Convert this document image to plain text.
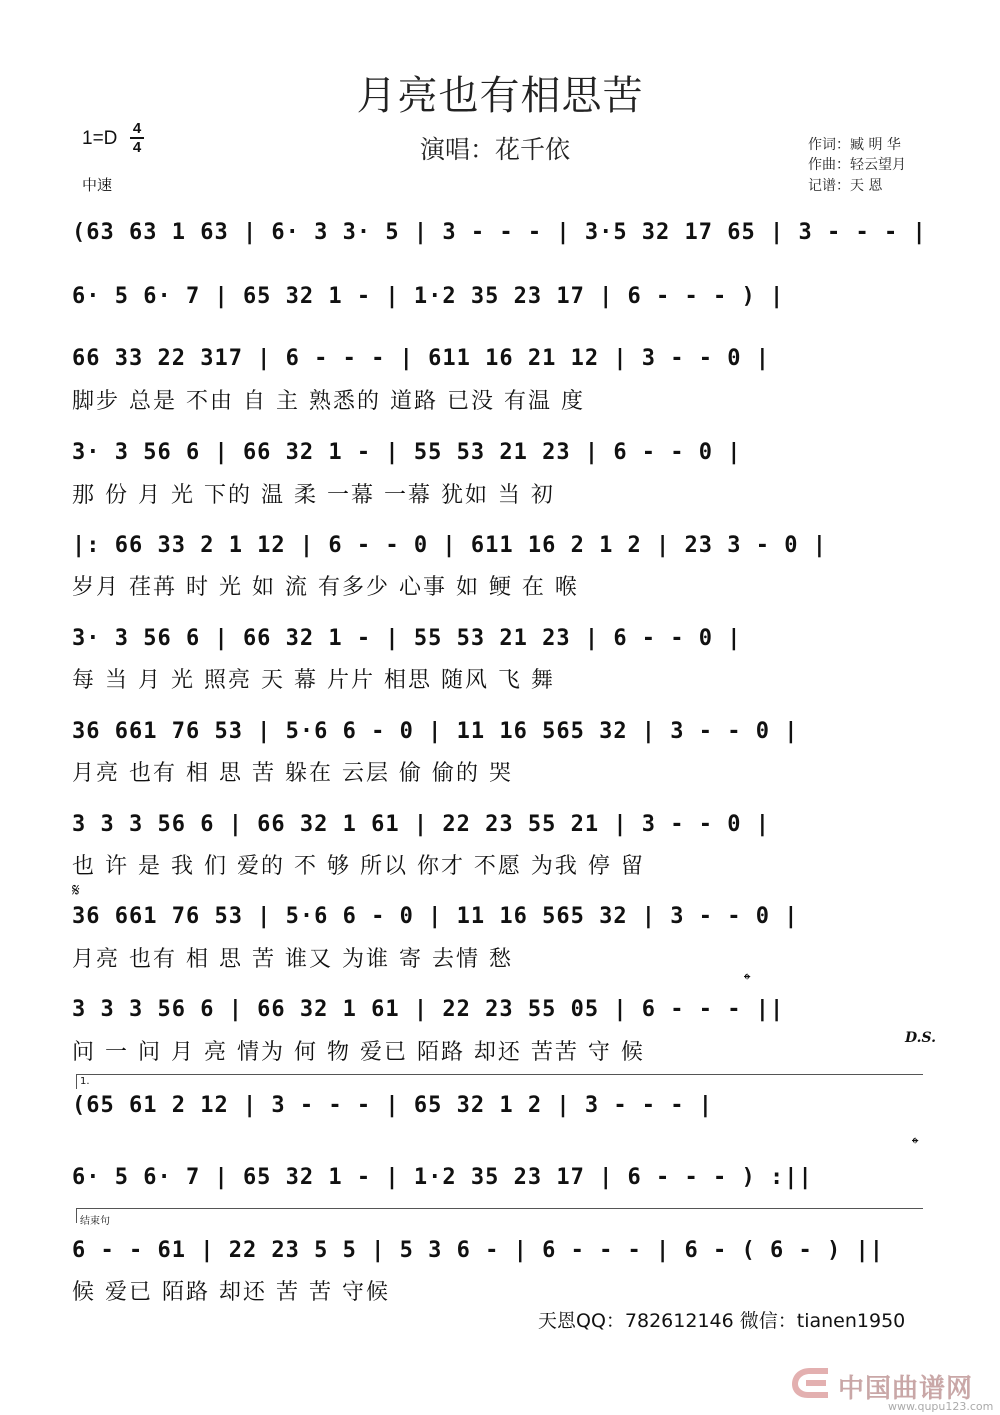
月亮也有相思苦
1=D 4
4
中速
演唱：花千依	作词：臧 明 华
作曲：轻云望月
记谱：天 恩
(63 63 1 63 | 6· 3 3· 5 | 3 - - - | 3·5 32 17 65 | 3 - - - |
6· 5 6· 7 | 65 32 1 - | 1·2 35 23 17 | 6 - - - ) |
66 33 22 317 | 6 - - - | 611 16 21 12 | 3 - - 0 |
脚步 总是 不由 自 主 熟悉的 道路 已没 有温 度
3· 3 56 6 | 66 32 1 - | 55 53 21 23 | 6 - - 0 |
那 份 月 光 下的 温 柔 一幕 一幕 犹如 当 初
|: 66 33 2 1 12 | 6 - - 0 | 611 16 2 1 2 | 23 3 - 0 |
岁月 荏苒 时 光 如 流 有多少 心事 如 鲠 在 喉
3· 3 56 6 | 66 32 1 - | 55 53 21 23 | 6 - - 0 |
每 当 月 光 照亮 天 幕 片片 相思 随风 飞 舞
36 661 76 53 | 5·6 6 - 0 | 11 16 565 32 | 3 - - 0 |
月亮 也有 相 思 苦 躲在 云层 偷 偷的 哭
3 3 3 56 6 | 66 32 1 61 | 22 23 55 21 | 3 - - 0 |
也 许 是 我 们 爱的 不 够 所以 你才 不愿 为我 停 留
𝄋
36 661 76 53 | 5·6 6 - 0 | 11 16 565 32 | 3 - - 0 |
月亮 也有 相 思 苦 谁又 为谁 寄 去情 愁
𝄌
3 3 3 56 6 | 66 32 1 61 | 22 23 55 05 | 6 - - - ||
问 一 问 月 亮 情为 何 物 爱已 陌路 却还 苦苦 守 候
D.S.
1.
(65 61 2 12 | 3 - - - | 65 32 1 2 | 3 - - - |
𝄌
6· 5 6· 7 | 65 32 1 - | 1·2 35 23 17 | 6 - - - ) :||
结束句
6 - - 61 | 22 23 5 5 | 5 3 6 - | 6 - - - | 6 - ( 6 - ) ||
候 爱已 陌路 却还 苦 苦 守候
天恩QQ：782612146 微信：tianen1950
中国曲谱网
www.qupu123.com
